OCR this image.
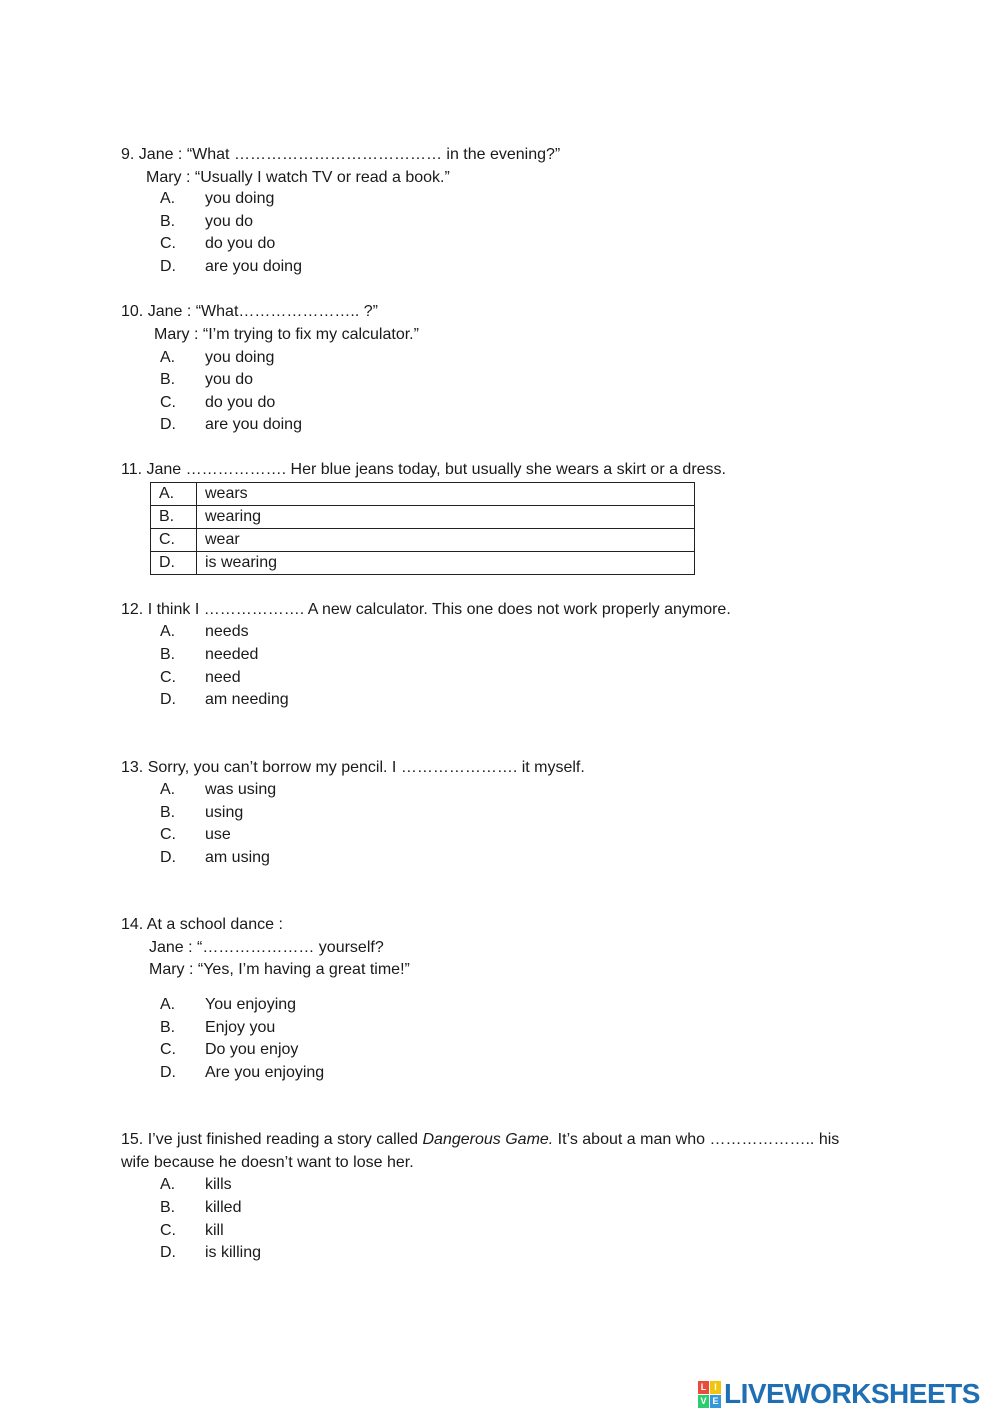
9. Jane : “What ………………………………… in the evening?”
Mary : “Usually I watch TV or read a book.”
A. you doing
B. you do
C. do you do
D. are you doing
10. Jane : “What………………….. ?”
Mary : “I’m trying to fix my calculator.”
A. you doing
B. you do
C. do you do
D. are you doing
11. Jane ………………. Her blue jeans today, but usually she wears a skirt or a dress.
A.	wears
B.	wearing
C.	wear
D.	is wearing
12. I think I ………………. A new calculator. This one does not work properly anymore.
A. needs
B. needed
C. need
D. am needing
13. Sorry, you can’t borrow my pencil. I …………………. it myself.
A. was using
B. using
C. use
D. am using
14. At a school dance :
Jane : “………………… yourself?
Mary : “Yes, I’m having a great time!”
A. You enjoying
B. Enjoy you
C. Do you enjoy
D. Are you enjoying
15. I’ve just finished reading a story called Dangerous Game. It’s about a man who ……………….. his
wife because he doesn’t want to lose her.
A. kills
B. killed
C. kill
D. is killing
L I
V E LIVEWORKSHEETS
